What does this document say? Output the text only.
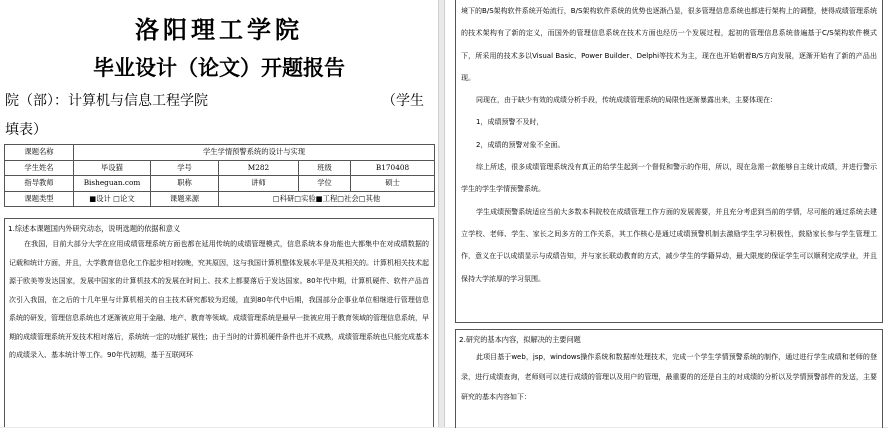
洛阳理工学院
毕业设计（论文）开题报告
院（部）：计算机与信息工程学院	（学生
填表）
课题名称	学生学情预警系统的设计与实现				
学生姓名	毕设猫	学号	M282	班级	B170408
指导教师	Bisheguan.com	职称	讲师	学位	硕士
课题类型	■设计 □论文	课题来源	□科研□实验■工程□社会□其他		
1.综述本课题国内外研究动态，说明选题的依据和意义

在我国，目前大部分大学在应用成绩管理系统方面也都在延用传统的成绩管理模式，信息系统本身功能也大都集中在对成绩数据的记载和统计方面，并且，大学教育信息化工作起步相对较晚，究其原因，这与我国计算机整体发展水平是及其相关的。计算机相关技术起源于欧美等发达国家，发展中国家的计算机技术的发展在时间上、技术上都要落后于发达国家。80年代中期，计算机硬件、软件产品首次引入我国，在之后的十几年里与计算机相关的自主技术研究都较为迟缓，直到80年代中后期，我国部分企事业单位相继进行管理信息系统的研发，管理信息系统也才逐渐被应用于金融、地产、教育等领域。成绩管理系统是最早一批被应用于教育领域的管理信息系统，早期的成绩管理系统开发技术相对落后，系统统一定的功能扩展性；由于当时的计算机硬件条件也并不成熟，成绩管理系统也只能完成基本的成绩录入、基本统计等工作。90年代初期，基于互联网环

境下的B/S架构软件系统开始流行，B/S架构软件系统的优势也逐渐凸显，很多管理信息系统也都进行架构上的调整，使得成绩管理系统的技术架构有了新的定义，而国外的管理信息系统在技术方面也经历一个发展过程，起初的管理信息系统普遍基于C/S架构软件模式下，所采用的技术多以Visual Basic、Power Builder、Delphi等技术为主，现在也开始朝着B/S方向发展，逐渐开始有了新的产品出现。

同现在，由于缺少有效的成绩分析手段，传统成绩管理系统的局限性逐渐暴露出来，主要体现在：

1，成绩预警不及时，

2，成绩的预警对象不全面。

综上所述，很多成绩管理系统没有真正的给学生起到一个督促和警示的作用，所以，现在急需一款能够自主统计成绩，并进行警示学生的学生学情预警系统。

学生成绩预警系统适应当前大多数本科院校在成绩管理工作方面的发展需要，并且充分考虑到当前的学情，尽可能的通过系统去建立学校、老师、学生、家长之间多方的工作关系，其工作核心是通过成绩预警机制去激励学生学习积极性，鼓励家长参与学生管理工作，意义在于以成绩显示与成绩告知，并与家长联动教育的方式，减少学生的学籍异动，最大限度的保证学生可以顺利完成学业，并且保持大学浓厚的学习氛围。

2.研究的基本内容，拟解决的主要问题

此项目基于web，jsp，windows操作系统和数据库处理技术，完成一个学生学情预警系统的制作，通过进行学生成绩和老师的登录，进行成绩查询，老师则可以进行成绩的管理以及用户的管理，最重要的的还是自主的对成绩的分析以及学情预警部件的发送，主要研究的基本内容如下：
